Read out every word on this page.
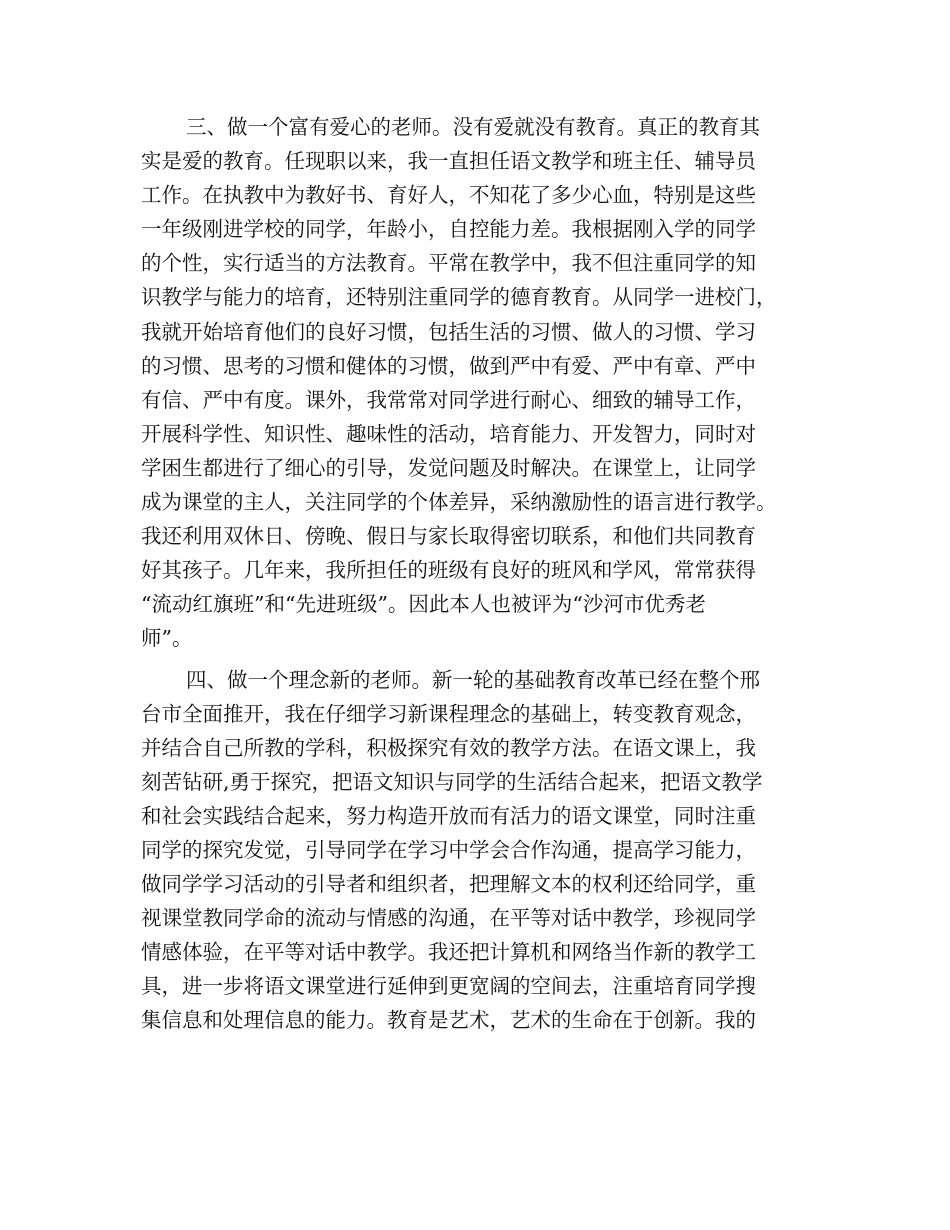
三、做一个富有爱心的老师。没有爱就没有教育。真正的教育其
实是爱的教育。任现职以来，我一直担任语文教学和班主任、辅导员
工作。在执教中为教好书、育好人，不知花了多少心血，特别是这些
一年级刚进学校的同学，年龄小，自控能力差。我根据刚入学的同学
的个性，实行适当的方法教育。平常在教学中，我不但注重同学的知
识教学与能力的培育，还特别注重同学的德育教育。从同学一进校门，
我就开始培育他们的良好习惯，包括生活的习惯、做人的习惯、学习
的习惯、思考的习惯和健体的习惯，做到严中有爱、严中有章、严中
有信、严中有度。课外，我常常对同学进行耐心、细致的辅导工作，
开展科学性、知识性、趣味性的活动，培育能力、开发智力，同时对
学困生都进行了细心的引导，发觉问题及时解决。在课堂上，让同学
成为课堂的主人，关注同学的个体差异，采纳激励性的语言进行教学。
我还利用双休日、傍晚、假日与家长取得密切联系，和他们共同教育
好其孩子。几年来，我所担任的班级有良好的班风和学风，常常获得
“流动红旗班”和“先进班级”。因此本人也被评为“沙河市优秀老
师”。
四、做一个理念新的老师。新一轮的基础教育改革已经在整个邢
台市全面推开，我在仔细学习新课程理念的基础上，转变教育观念，
并结合自己所教的学科，积极探究有效的教学方法。在语文课上，我
刻苦钻研,勇于探究，把语文知识与同学的生活结合起来，把语文教学
和社会实践结合起来，努力构造开放而有活力的语文课堂，同时注重
同学的探究发觉，引导同学在学习中学会合作沟通，提高学习能力，
做同学学习活动的引导者和组织者，把理解文本的权利还给同学，重
视课堂教同学命的流动与情感的沟通，在平等对话中教学，珍视同学
情感体验，在平等对话中教学。我还把计算机和网络当作新的教学工
具，进一步将语文课堂进行延伸到更宽阔的空间去，注重培育同学搜
集信息和处理信息的能力。教育是艺术，艺术的生命在于创新。我的
